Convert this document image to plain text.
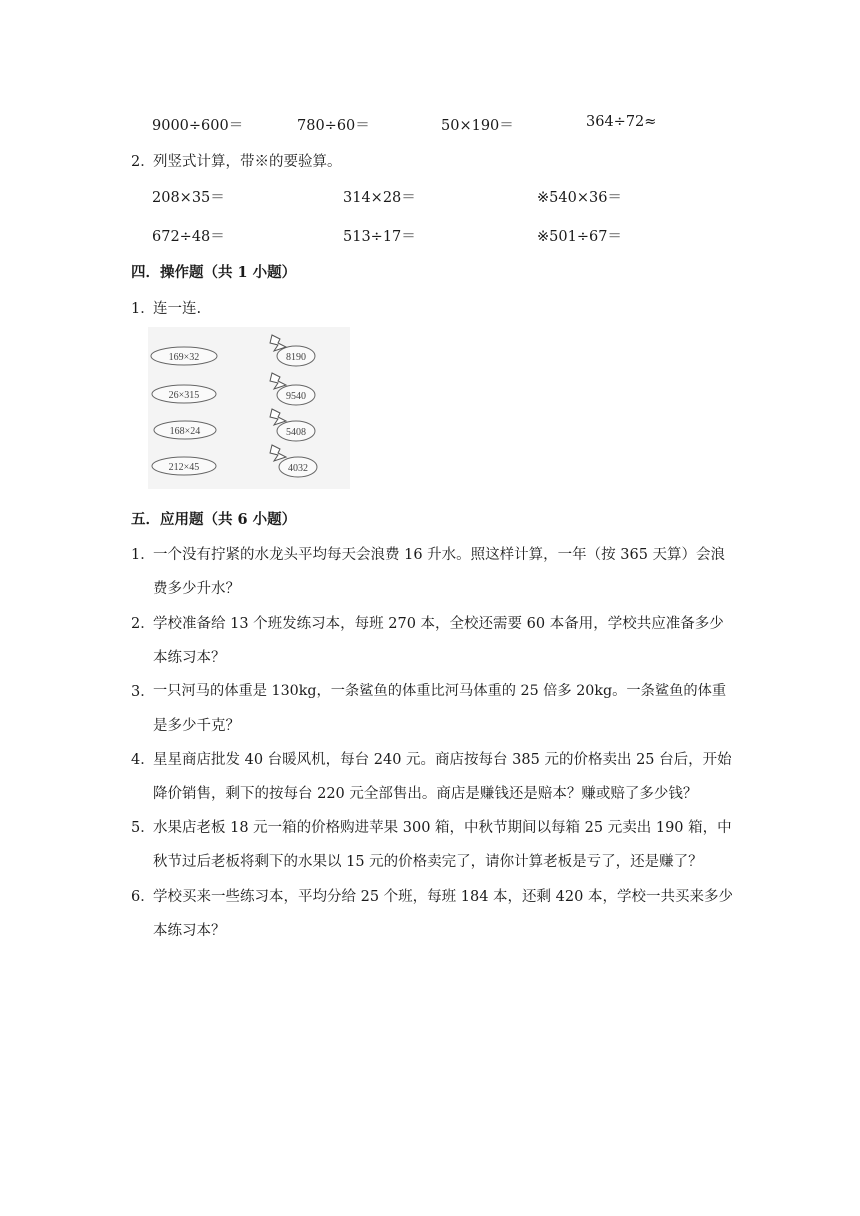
9000÷600＝	780÷60＝	50×190＝	364÷72≈
2．
列竖式计算，带※的要验算。
208×35＝	314×28＝	※540×36＝
672÷48＝	513÷17＝	※501÷67＝
四．操作题（共 1 小题）
1．
连一连.
169×32
26×315
168×24
212×45
8190
9540
5408
4032
五．应用题（共 6 小题）
1．
一个没有拧紧的水龙头平均每天会浪费 16 升水。照这样计算，一年（按 365 天算）会浪
费多少升水？
2．
学校准备给 13 个班发练习本，每班 270 本，全校还需要 60 本备用，学校共应准备多少
本练习本？
3．
一只河马的体重是 130kg，一条鲨鱼的体重比河马体重的 25 倍多 20kg。一条鲨鱼的体重
是多少千克？
4．
星星商店批发 40 台暖风机，每台 240 元。商店按每台 385 元的价格卖出 25 台后，开始
降价销售，剩下的按每台 220 元全部售出。商店是赚钱还是赔本？赚或赔了多少钱？
5．
水果店老板 18 元一箱的价格购进苹果 300 箱，中秋节期间以每箱 25 元卖出 190 箱，中
秋节过后老板将剩下的水果以 15 元的价格卖完了，请你计算老板是亏了，还是赚了？
6．
学校买来一些练习本，平均分给 25 个班，每班 184 本，还剩 420 本，学校一共买来多少
本练习本？
